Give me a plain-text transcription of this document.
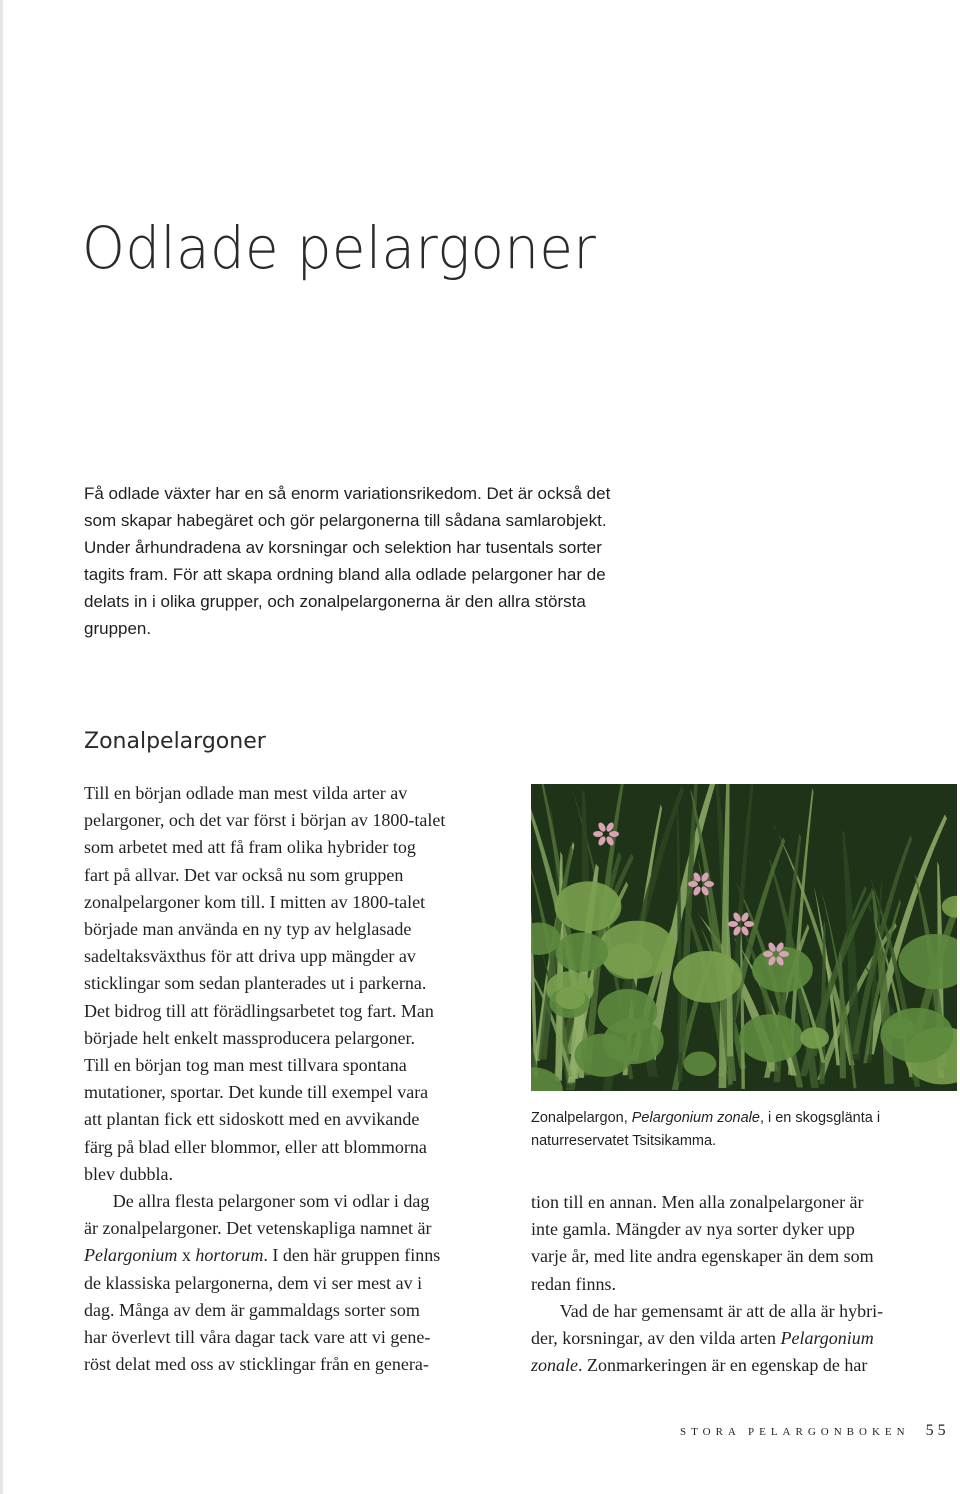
Odlade pelargoner

Få odlade växter har en så enorm variationsrikedom. Det är också det

som skapar habegäret och gör pelargonerna till sådana samlarobjekt.

Under århundradena av korsningar och selektion har tusentals sorter

tagits fram. För att skapa ordning bland alla odlade pelargoner har de

delats in i olika grupper, och zonalpelargonerna är den allra största

gruppen.

Zonalpelargoner

Till en början odlade man mest vilda arter av

pelargoner, och det var först i början av 1800-talet

som arbetet med att få fram olika hybrider tog

fart på allvar. Det var också nu som gruppen

zonalpelargoner kom till. I mitten av 1800-talet

började man använda en ny typ av helglasade

sadeltaksväxthus för att driva upp mängder av

sticklingar som sedan planterades ut i parkerna.

Det bidrog till att förädlingsarbetet tog fart. Man

började helt enkelt massproducera pelargoner.

Till en början tog man mest tillvara spontana

mutationer, sportar. Det kunde till exempel vara

att plantan fick ett sidoskott med en avvikande

färg på blad eller blommor, eller att blommorna

blev dubbla.

De allra flesta pelargoner som vi odlar i dag

är zonalpelargoner. Det vetenskapliga namnet är

Pelargonium x hortorum. I den här gruppen finns

de klassiska pelargonerna, dem vi ser mest av i

dag. Många av dem är gammaldags sorter som

har överlevt till våra dagar tack vare att vi gene-

röst delat med oss av sticklingar från en genera-

Zonalpelargon, Pelargonium zonale, i en skogsglänta i

naturreservatet Tsitsikamma.

tion till en annan. Men alla zonalpelargoner är

inte gamla. Mängder av nya sorter dyker upp

varje år, med lite andra egenskaper än dem som

redan finns.

Vad de har gemensamt är att de alla är hybri-

der, korsningar, av den vilda arten Pelargonium

zonale. Zonmarkeringen är en egenskap de har

STORA PELARGONBOKEN 55
